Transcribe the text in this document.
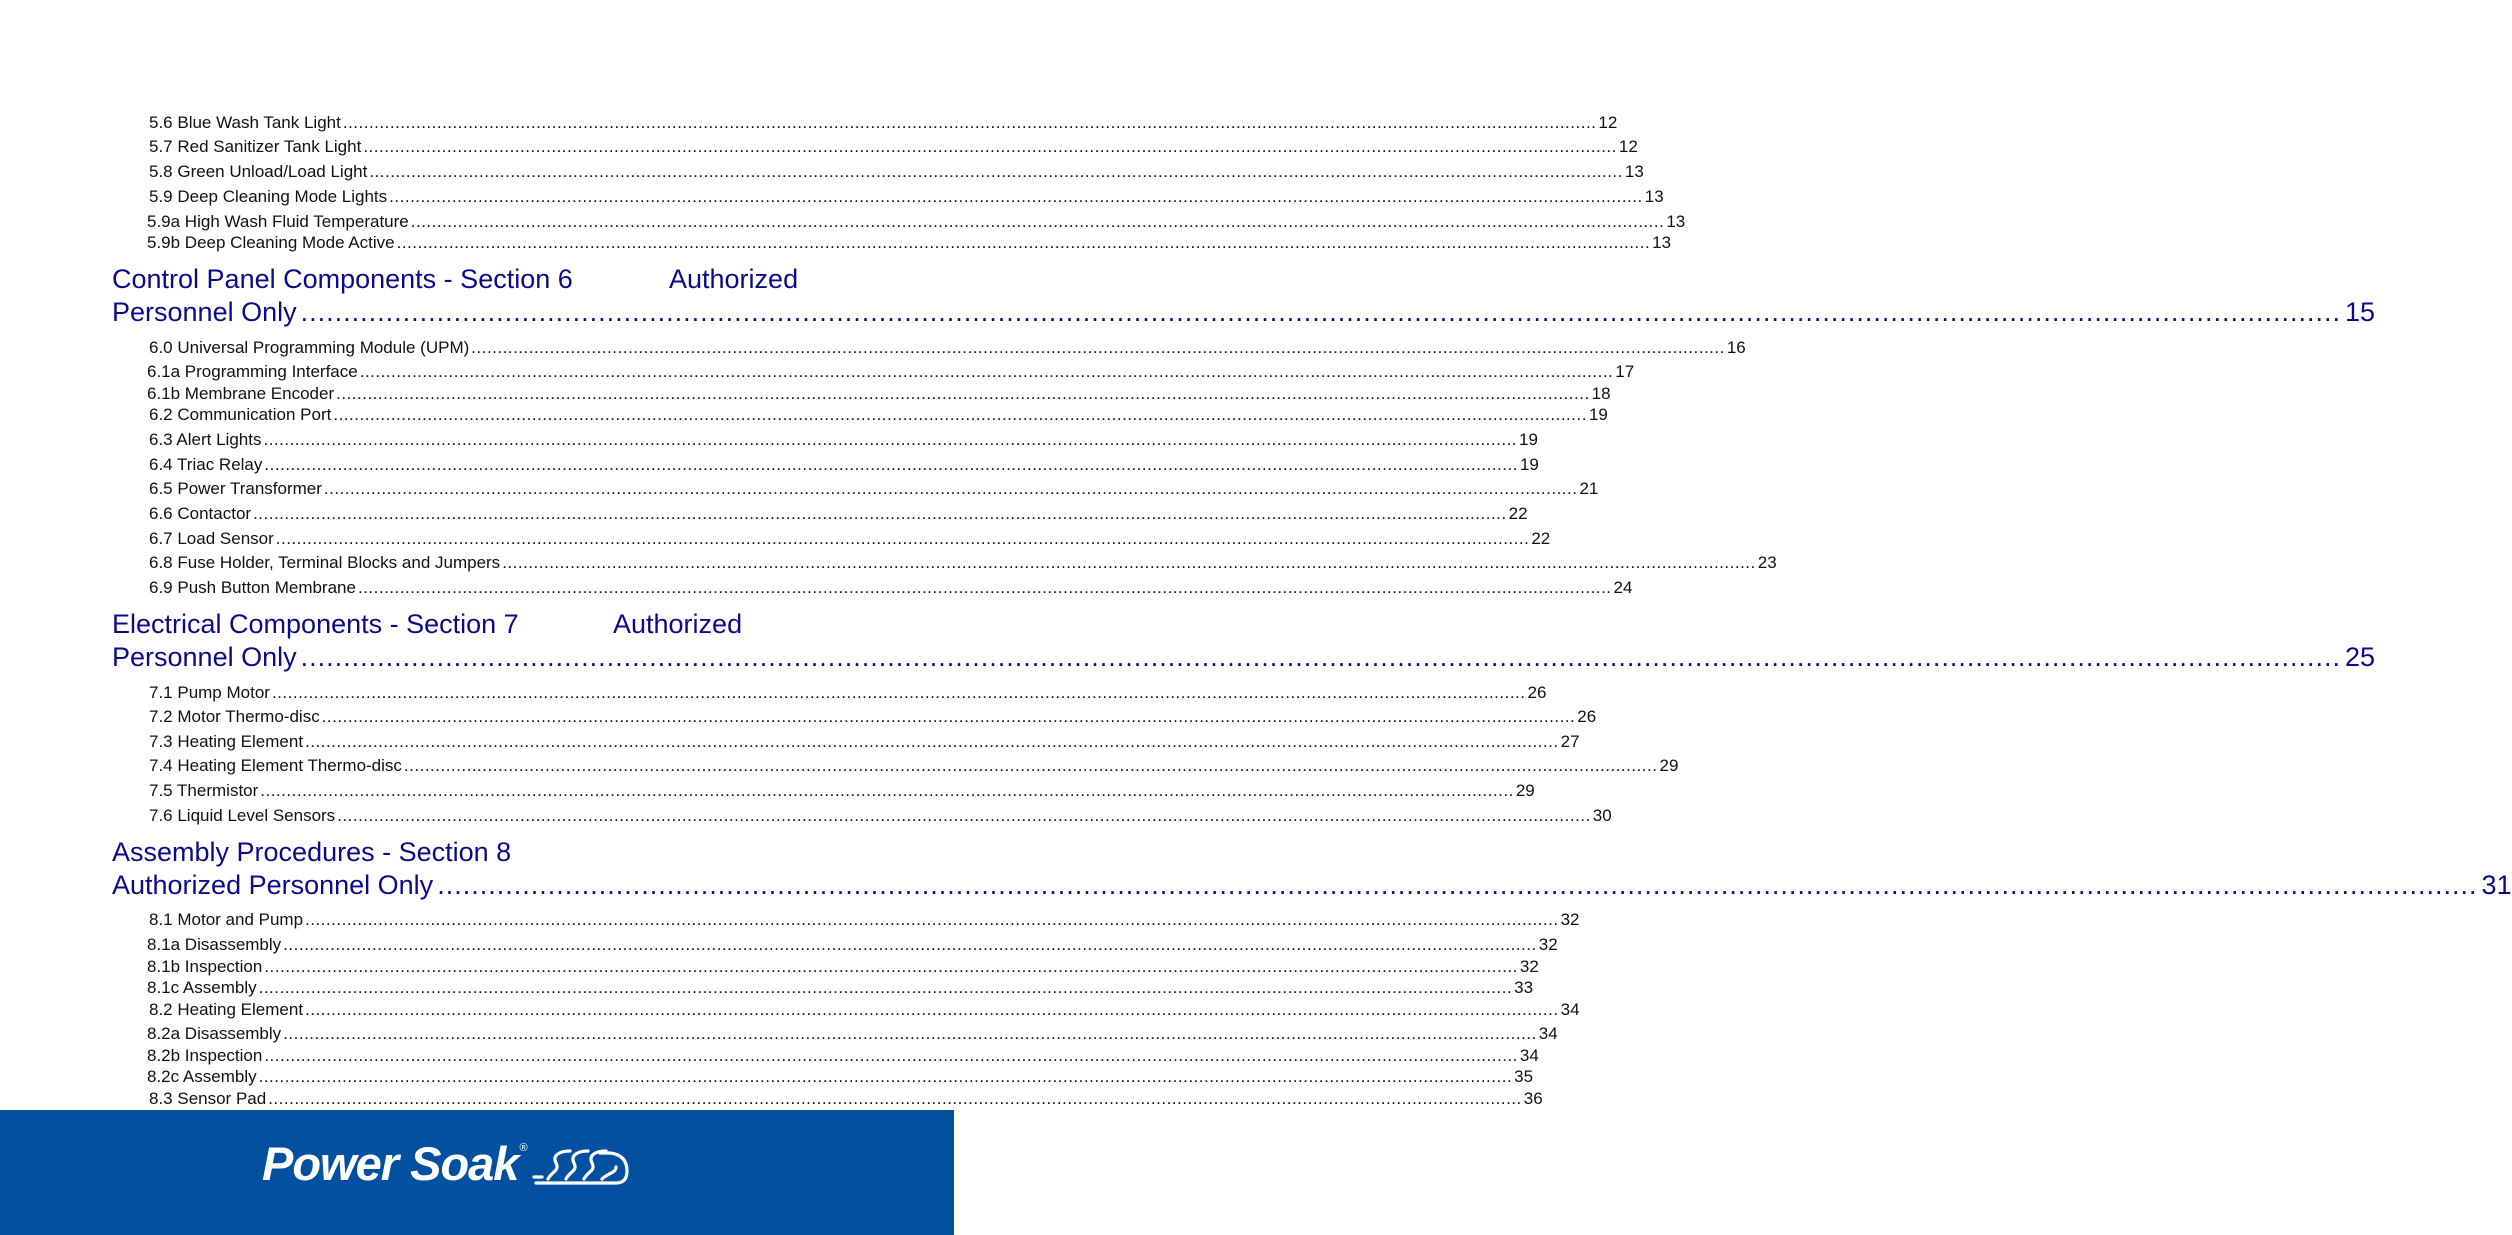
5.6 Blue Wash Tank Light ................................................................................................................................................................................................................................................ 12
5.7 Red Sanitizer Tank Light ................................................................................................................................................................................................................................................ 12
5.8 Green Unload/Load Light ................................................................................................................................................................................................................................................ 13
5.9 Deep Cleaning Mode Lights ................................................................................................................................................................................................................................................ 13
5.9a High Wash Fluid Temperature ................................................................................................................................................................................................................................................ 13
5.9b Deep Cleaning Mode Active ................................................................................................................................................................................................................................................ 13
Control Panel Components - Section 6	Authorized
Personnel Only ................................................................................................................................................................................................................................................ 15
6.0 Universal Programming Module (UPM) ................................................................................................................................................................................................................................................ 16
6.1a Programming Interface ................................................................................................................................................................................................................................................ 17
6.1b Membrane Encoder ................................................................................................................................................................................................................................................ 18
6.2 Communication Port ................................................................................................................................................................................................................................................ 19
6.3 Alert Lights ................................................................................................................................................................................................................................................ 19
6.4 Triac Relay ................................................................................................................................................................................................................................................ 19
6.5 Power Transformer ................................................................................................................................................................................................................................................ 21
6.6 Contactor ................................................................................................................................................................................................................................................ 22
6.7 Load Sensor ................................................................................................................................................................................................................................................ 22
6.8 Fuse Holder, Terminal Blocks and Jumpers ................................................................................................................................................................................................................................................ 23
6.9 Push Button Membrane ................................................................................................................................................................................................................................................ 24
Electrical Components - Section 7	Authorized
Personnel Only ................................................................................................................................................................................................................................................ 25
7.1 Pump Motor ................................................................................................................................................................................................................................................ 26
7.2 Motor Thermo-disc ................................................................................................................................................................................................................................................ 26
7.3 Heating Element ................................................................................................................................................................................................................................................ 27
7.4 Heating Element Thermo-disc ................................................................................................................................................................................................................................................ 29
7.5 Thermistor ................................................................................................................................................................................................................................................ 29
7.6 Liquid Level Sensors ................................................................................................................................................................................................................................................ 30
Assembly Procedures - Section 8
Authorized Personnel Only ................................................................................................................................................................................................................................................ 31
8.1 Motor and Pump ................................................................................................................................................................................................................................................ 32
8.1a Disassembly ................................................................................................................................................................................................................................................ 32
8.1b Inspection ................................................................................................................................................................................................................................................ 32
8.1c Assembly ................................................................................................................................................................................................................................................ 33
8.2 Heating Element ................................................................................................................................................................................................................................................ 34
8.2a Disassembly ................................................................................................................................................................................................................................................ 34
8.2b Inspection ................................................................................................................................................................................................................................................ 34
8.2c Assembly ................................................................................................................................................................................................................................................ 35
8.3 Sensor Pad ................................................................................................................................................................................................................................................ 36
Power Soak ®
